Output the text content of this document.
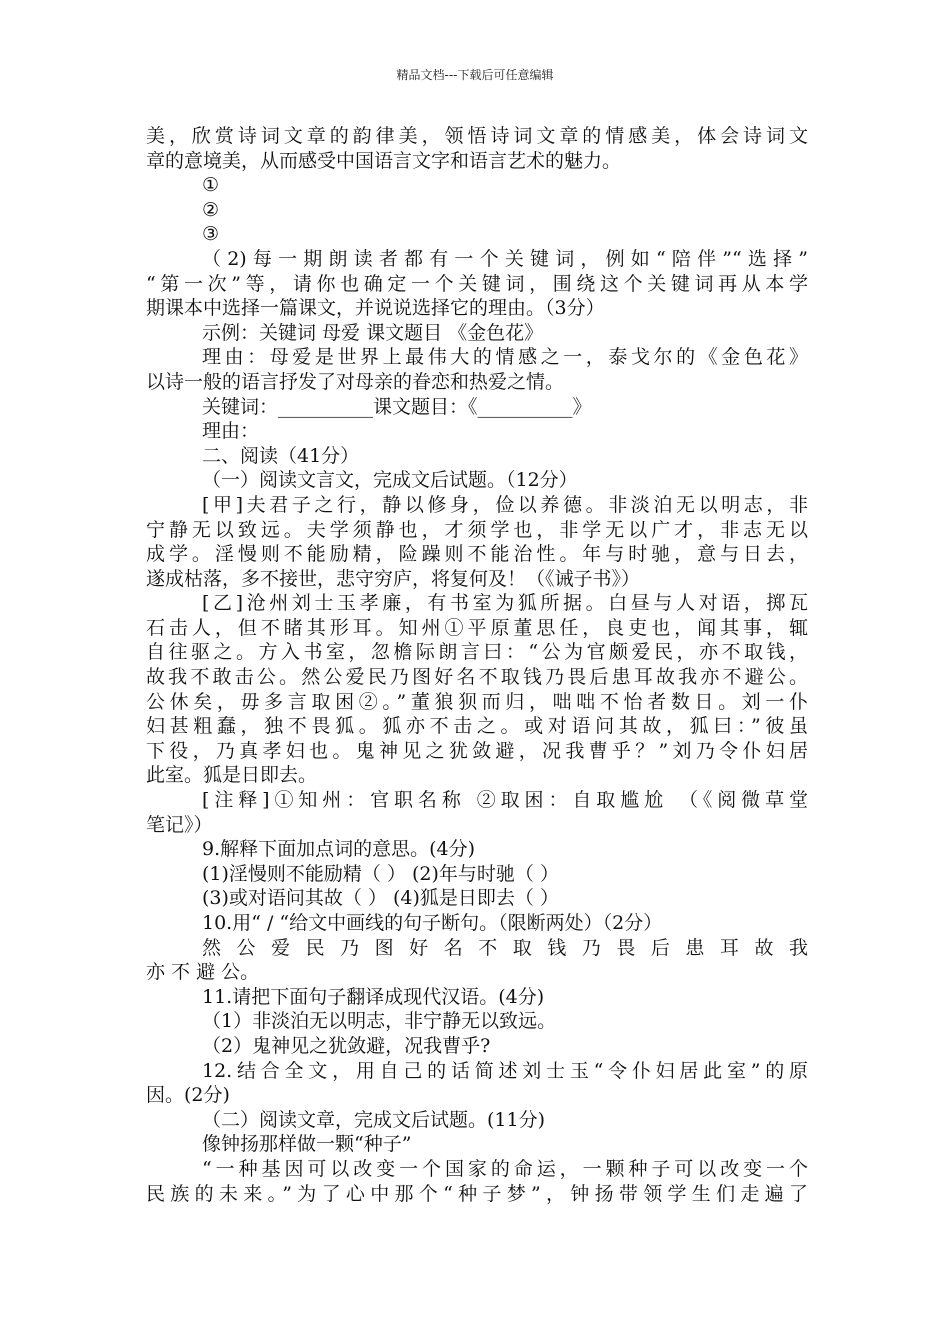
精品文档---下载后可任意编辑
美，欣赏诗词文章的韵律美，领悟诗词文章的情感美，体会诗词文
章的意境美，从而感受中国语言文字和语言艺术的魅力。
①
②
③
（2)每一期朗读者都有一个关键词，例如“陪伴”“选择”
“第一次”等，请你也确定一个关键词，围绕这个关键词再从本学
期课本中选择一篇课文，并说说选择它的理由。（3分）
示例：关键词 母爱 课文题目 《金色花》
理由：母爱是世界上最伟大的情感之一，泰戈尔的《金色花》
以诗一般的语言抒发了对母亲的眷恋和热爱之情。
关键词：__________课文题目：《__________》
理由：
二、阅读（41分）
（一）阅读文言文，完成文后试题。（12分）
[甲]夫君子之行，静以修身，俭以养德。非淡泊无以明志，非
宁静无以致远。夫学须静也，才须学也，非学无以广才，非志无以
成学。淫慢则不能励精，险躁则不能治性。年与时驰，意与日去，
遂成枯落，多不接世，悲守穷庐，将复何及！（《诫子书》）
[乙]沧州刘士玉孝廉，有书室为狐所据。白昼与人对语，掷瓦
石击人，但不睹其形耳。知州①平原董思任，良吏也，闻其事，辄
自往驱之。方入书室，忽檐际朗言曰：“公为官颇爱民，亦不取钱，
故我不敢击公。然公爱民乃图好名不取钱乃畏后患耳故我亦不避公。
公休矣，毋多言取困②。”董狼狈而归，咄咄不怡者数日。刘一仆
妇甚粗蠢，独不畏狐。狐亦不击之。或对语问其故，狐曰：”彼虽
下役，乃真孝妇也。鬼神见之犹敛避，况我曹乎？”刘乃令仆妇居
此室。狐是日即去。
[注释]①知州：官职名称 ②取困：自取尴尬 （《阅微草堂
笔记》）
9.解释下面加点词的意思。(4分)
(1)淫慢则不能励精（ ） (2)年与时驰（ ）
(3)或对语问其故（ ） (4)狐是日即去（ ）
10.用“ / “给文中画线的句子断句。（限断两处）（2分）
然公爱民乃图好名不取钱乃畏后患耳故我
亦 不 避 公。
11.请把下面句子翻译成现代汉语。(4分)
（1）非淡泊无以明志，非宁静无以致远。
（2）鬼神见之犹敛避，况我曹乎?
12.结合全文，用自己的话简述刘士玉“令仆妇居此室”的原
因。(2分)
（二）阅读文章，完成文后试题。(11分)
像钟扬那样做一颗“种子”
“一种基因可以改变一个国家的命运，一颗种子可以改变一个
民族的未来。”为了心中那个“种子梦”，钟扬带领学生们走遍了
